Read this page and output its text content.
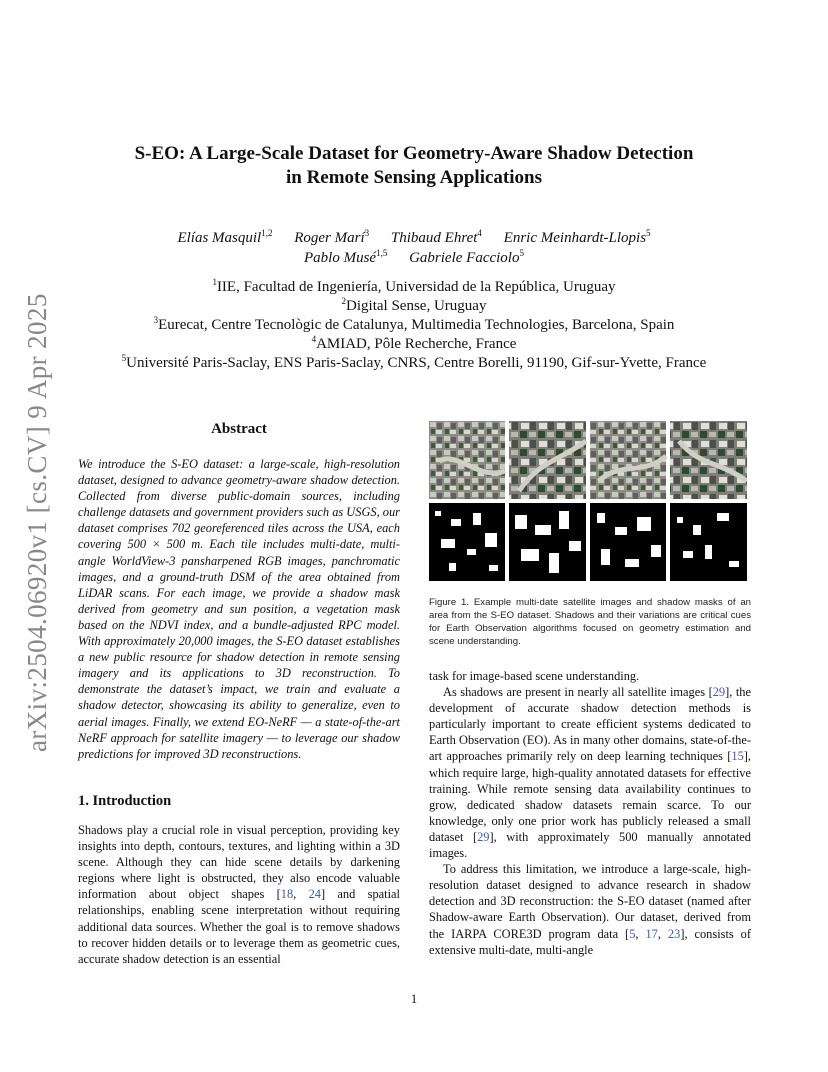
arXiv:2504.06920v1 [cs.CV] 9 Apr 2025
S-EO: A Large-Scale Dataset for Geometry-Aware Shadow Detection
in Remote Sensing Applications
Elías Masquil$^{1,2}$ Roger Marí$^3$ Thibaud Ehret$^4$ Enric Meinhardt-Llopis$^5$
Pablo Musé$^{1,5}$ Gabriele Facciolo$^5$
$^1$IIE, Facultad de Ingeniería, Universidad de la República, Uruguay
$^2$Digital Sense, Uruguay
$^3$Eurecat, Centre Tecnològic de Catalunya, Multimedia Technologies, Barcelona, Spain
$^4$AMIAD, Pôle Recherche, France
$^5$Université Paris-Saclay, ENS Paris-Saclay, CNRS, Centre Borelli, 91190, Gif-sur-Yvette, France
Abstract
We introduce the S-EO dataset: a large-scale, high-resolution dataset, designed to advance geometry-aware shadow detection. Collected from diverse public-domain sources, including challenge datasets and government providers such as USGS, our dataset comprises 702 georeferenced tiles across the USA, each covering 500 × 500 m. Each tile includes multi-date, multi-angle WorldView-3 pansharpened RGB images, panchromatic images, and a ground-truth DSM of the area obtained from LiDAR scans. For each image, we provide a shadow mask derived from geometry and sun position, a vegetation mask based on the NDVI index, and a bundle-adjusted RPC model. With approximately 20,000 images, the S-EO dataset establishes a new public resource for shadow detection in remote sensing imagery and its applications to 3D reconstruction. To demonstrate the dataset’s impact, we train and evaluate a shadow detector, showcasing its ability to generalize, even to aerial images. Finally, we extend EO-NeRF — a state-of-the-art NeRF approach for satellite imagery — to leverage our shadow predictions for improved 3D reconstructions.
1. Introduction
Shadows play a crucial role in visual perception, providing key insights into depth, contours, textures, and lighting within a 3D scene. Although they can hide scene details by darkening regions where light is obstructed, they also encode valuable information about object shapes [18, 24] and spatial relationships, enabling scene interpretation without requiring additional data sources. Whether the goal is to remove shadows to recover hidden details or to leverage them as geometric cues, accurate shadow detection is an essential
Figure 1. Example multi-date satellite images and shadow masks of an area from the S-EO dataset. Shadows and their variations are critical cues for Earth Observation algorithms focused on geometry estimation and scene understanding.

task for image-based scene understanding.

As shadows are present in nearly all satellite images [29], the development of accurate shadow detection methods is particularly important to create efficient systems dedicated to Earth Observation (EO). As in many other domains, state-of-the-art approaches primarily rely on deep learning techniques [15], which require large, high-quality annotated datasets for effective training. While remote sensing data availability continues to grow, dedicated shadow datasets remain scarce. To our knowledge, only one prior work has publicly released a small dataset [29], with approximately 500 manually annotated images.

To address this limitation, we introduce a large-scale, high-resolution dataset designed to advance research in shadow detection and 3D reconstruction: the S-EO dataset (named after Shadow-aware Earth Observation). Our dataset, derived from the IARPA CORE3D program data [5, 17, 23], consists of extensive multi-date, multi-angle

1
